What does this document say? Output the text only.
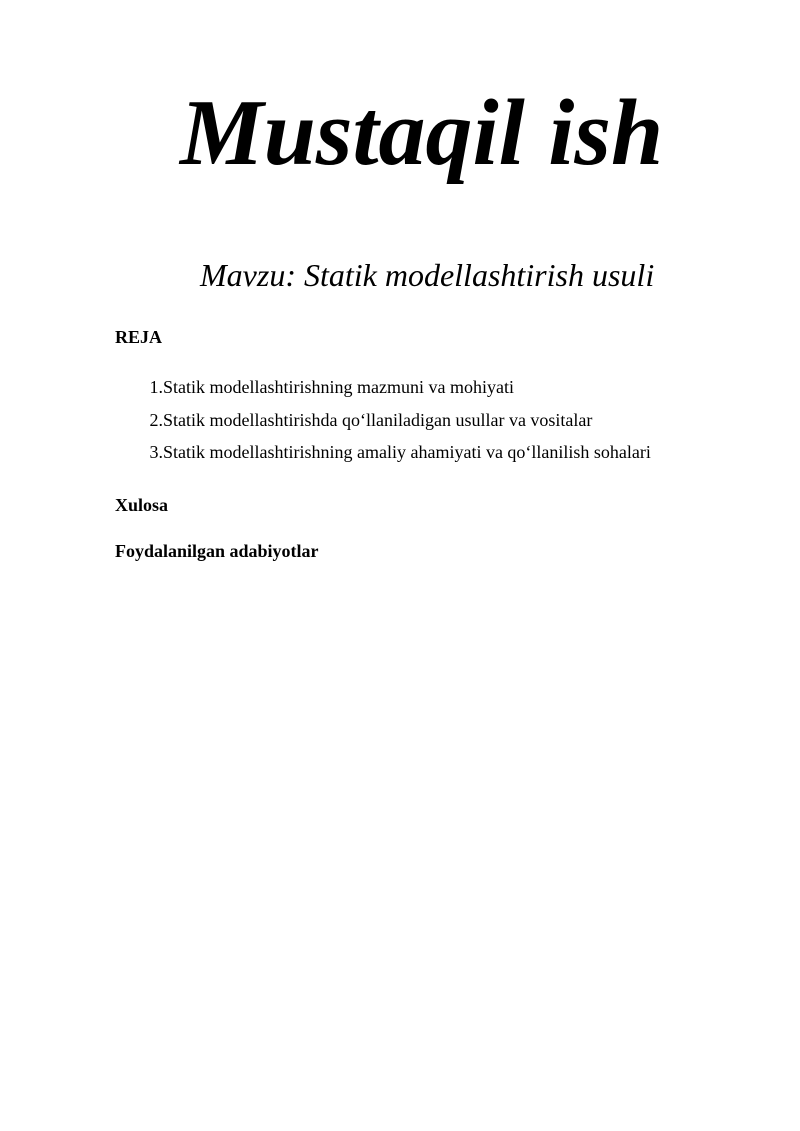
Mustaqil ish
Mavzu: Statik modellashtirish usuli
REJA
1. Statik modellashtirishning mazmuni va mohiyati
2. Statik modellashtirishda qo‘llaniladigan usullar va vositalar
3. Statik modellashtirishning amaliy ahamiyati va qo‘llanilish sohalari
Xulosa
Foydalanilgan adabiyotlar
